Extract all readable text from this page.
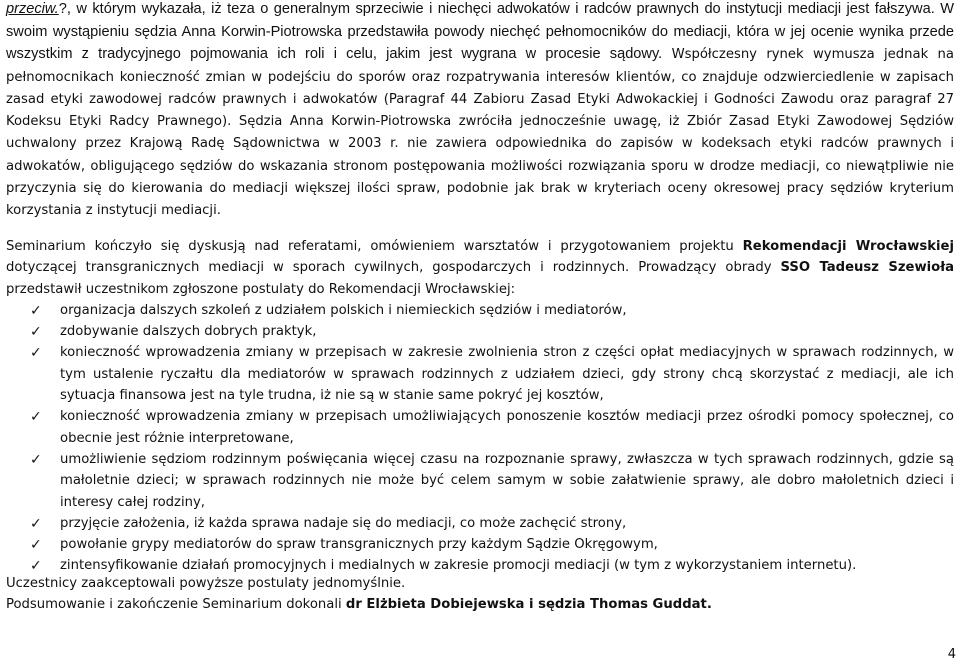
przeciw.?, w którym wykazała, iż teza o generalnym sprzeciwie i niechęci adwokatów i radców prawnych do instytucji mediacji jest fałszywa. W swoim wystąpieniu sędzia Anna Korwin-Piotrowska przedstawiła powody niechęć pełnomocników do mediacji, która w jej ocenie wynika przede wszystkim z tradycyjnego pojmowania ich roli i celu, jakim jest wygrana w procesie sądowy. Współczesny rynek wymusza jednak na pełnomocnikach konieczność zmian w podejściu do sporów oraz rozpatrywania interesów klientów, co znajduje odzwierciedlenie w zapisach zasad etyki zawodowej radców prawnych i adwokatów (Paragraf 44 Zabioru Zasad Etyki Adwokackiej i Godności Zawodu oraz paragraf 27 Kodeksu Etyki Radcy Prawnego). Sędzia Anna Korwin-Piotrowska zwróciła jednocześnie uwagę, iż Zbiór Zasad Etyki Zawodowej Sędziów uchwalony przez Krajową Radę Sądownictwa w 2003 r. nie zawiera odpowiednika do zapisów w kodeksach etyki radców prawnych i adwokatów, obligującego sędziów do wskazania stronom postępowania możliwości rozwiązania sporu w drodze mediacji, co niewątpliwie nie przyczynia się do kierowania do mediacji większej ilości spraw, podobnie jak brak w kryteriach oceny okresowej pracy sędziów kryterium korzystania z instytucji mediacji.

Seminarium kończyło się dyskusją nad referatami, omówieniem warsztatów i przygotowaniem projektu Rekomendacji Wrocławskiej dotyczącej transgranicznych mediacji w sporach cywilnych, gospodarczych i rodzinnych. Prowadzący obrady SSO Tadeusz Szewioła przedstawił uczestnikom zgłoszone postulaty do Rekomendacji Wrocławskiej:

✓ organizacja dalszych szkoleń z udziałem polskich i niemieckich sędziów i mediatorów,
✓ zdobywanie dalszych dobrych praktyk,
✓ konieczność wprowadzenia zmiany w przepisach w zakresie zwolnienia stron z części opłat mediacyjnych w sprawach rodzinnych, w tym ustalenie ryczałtu dla mediatorów w sprawach rodzinnych z udziałem dzieci, gdy strony chcą skorzystać z mediacji, ale ich sytuacja finansowa jest na tyle trudna, iż nie są w stanie same pokryć jej kosztów,
✓ konieczność wprowadzenia zmiany w przepisach umożliwiających ponoszenie kosztów mediacji przez ośrodki pomocy społecznej, co obecnie jest różnie interpretowane,
✓ umożliwienie sędziom rodzinnym poświęcania więcej czasu na rozpoznanie sprawy, zwłaszcza w tych sprawach rodzinnych, gdzie są małoletnie dzieci; w sprawach rodzinnych nie może być celem samym w sobie załatwienie sprawy, ale dobro małoletnich dzieci i interesy całej rodziny,
✓ przyjęcie założenia, iż każda sprawa nadaje się do mediacji, co może zachęcić strony,
✓ powołanie grypy mediatorów do spraw transgranicznych przy każdym Sądzie Okręgowym,
✓ zintensyfikowanie działań promocyjnych i medialnych w zakresie promocji mediacji (w tym z wykorzystaniem internetu).
Uczestnicy zaakceptowali powyższe postulaty jednomyślnie.
Podsumowanie i zakończenie Seminarium dokonali dr Elżbieta Dobiejewska i sędzia Thomas Guddat.
4
